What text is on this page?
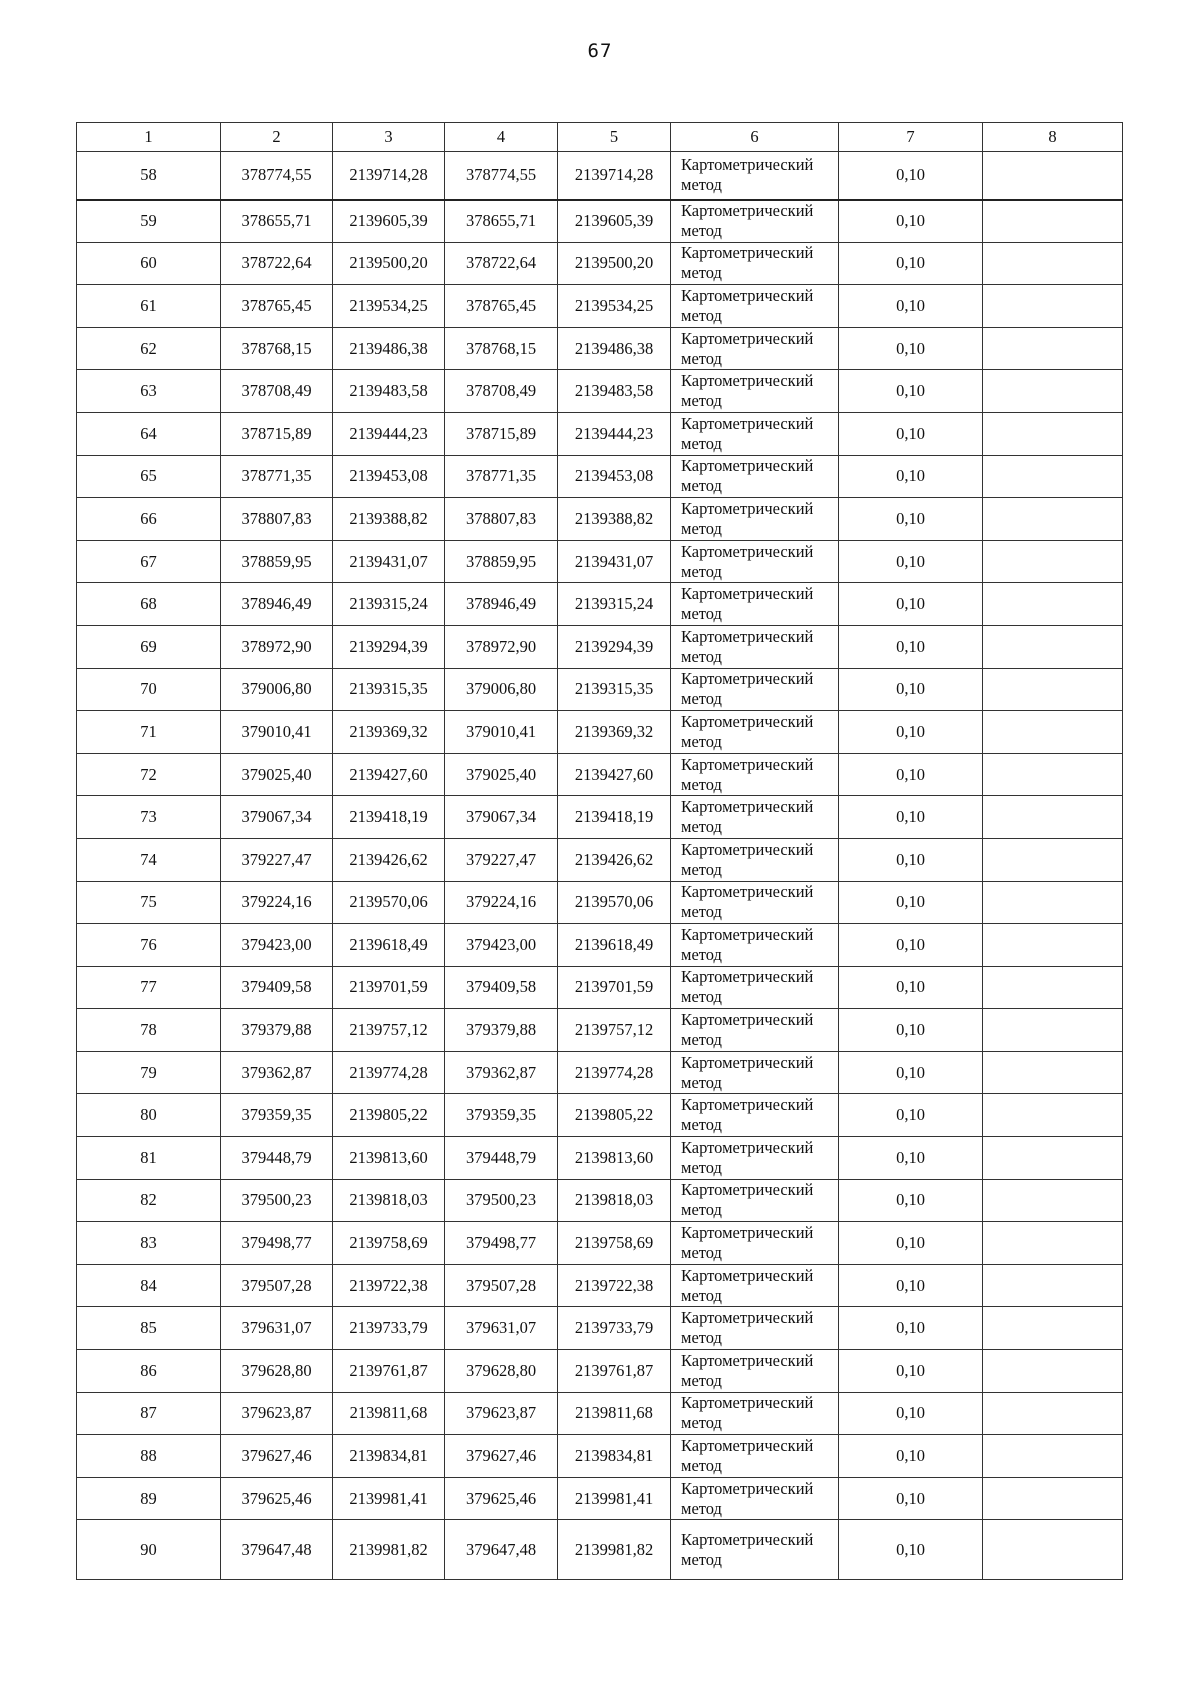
67
1	2	3	4	5	6	7	8
58	378774,55	2139714,28	378774,55	2139714,28	Картометрический метод	0,10	
59	378655,71	2139605,39	378655,71	2139605,39	Картометрический метод	0,10	
60	378722,64	2139500,20	378722,64	2139500,20	Картометрический метод	0,10	
61	378765,45	2139534,25	378765,45	2139534,25	Картометрический метод	0,10	
62	378768,15	2139486,38	378768,15	2139486,38	Картометрический метод	0,10	
63	378708,49	2139483,58	378708,49	2139483,58	Картометрический метод	0,10	
64	378715,89	2139444,23	378715,89	2139444,23	Картометрический метод	0,10	
65	378771,35	2139453,08	378771,35	2139453,08	Картометрический метод	0,10	
66	378807,83	2139388,82	378807,83	2139388,82	Картометрический метод	0,10	
67	378859,95	2139431,07	378859,95	2139431,07	Картометрический метод	0,10	
68	378946,49	2139315,24	378946,49	2139315,24	Картометрический метод	0,10	
69	378972,90	2139294,39	378972,90	2139294,39	Картометрический метод	0,10	
70	379006,80	2139315,35	379006,80	2139315,35	Картометрический метод	0,10	
71	379010,41	2139369,32	379010,41	2139369,32	Картометрический метод	0,10	
72	379025,40	2139427,60	379025,40	2139427,60	Картометрический метод	0,10	
73	379067,34	2139418,19	379067,34	2139418,19	Картометрический метод	0,10	
74	379227,47	2139426,62	379227,47	2139426,62	Картометрический метод	0,10	
75	379224,16	2139570,06	379224,16	2139570,06	Картометрический метод	0,10	
76	379423,00	2139618,49	379423,00	2139618,49	Картометрический метод	0,10	
77	379409,58	2139701,59	379409,58	2139701,59	Картометрический метод	0,10	
78	379379,88	2139757,12	379379,88	2139757,12	Картометрический метод	0,10	
79	379362,87	2139774,28	379362,87	2139774,28	Картометрический метод	0,10	
80	379359,35	2139805,22	379359,35	2139805,22	Картометрический метод	0,10	
81	379448,79	2139813,60	379448,79	2139813,60	Картометрический метод	0,10	
82	379500,23	2139818,03	379500,23	2139818,03	Картометрический метод	0,10	
83	379498,77	2139758,69	379498,77	2139758,69	Картометрический метод	0,10	
84	379507,28	2139722,38	379507,28	2139722,38	Картометрический метод	0,10	
85	379631,07	2139733,79	379631,07	2139733,79	Картометрический метод	0,10	
86	379628,80	2139761,87	379628,80	2139761,87	Картометрический метод	0,10	
87	379623,87	2139811,68	379623,87	2139811,68	Картометрический метод	0,10	
88	379627,46	2139834,81	379627,46	2139834,81	Картометрический метод	0,10	
89	379625,46	2139981,41	379625,46	2139981,41	Картометрический метод	0,10	
90	379647,48	2139981,82	379647,48	2139981,82	Картометрический метод	0,10	
